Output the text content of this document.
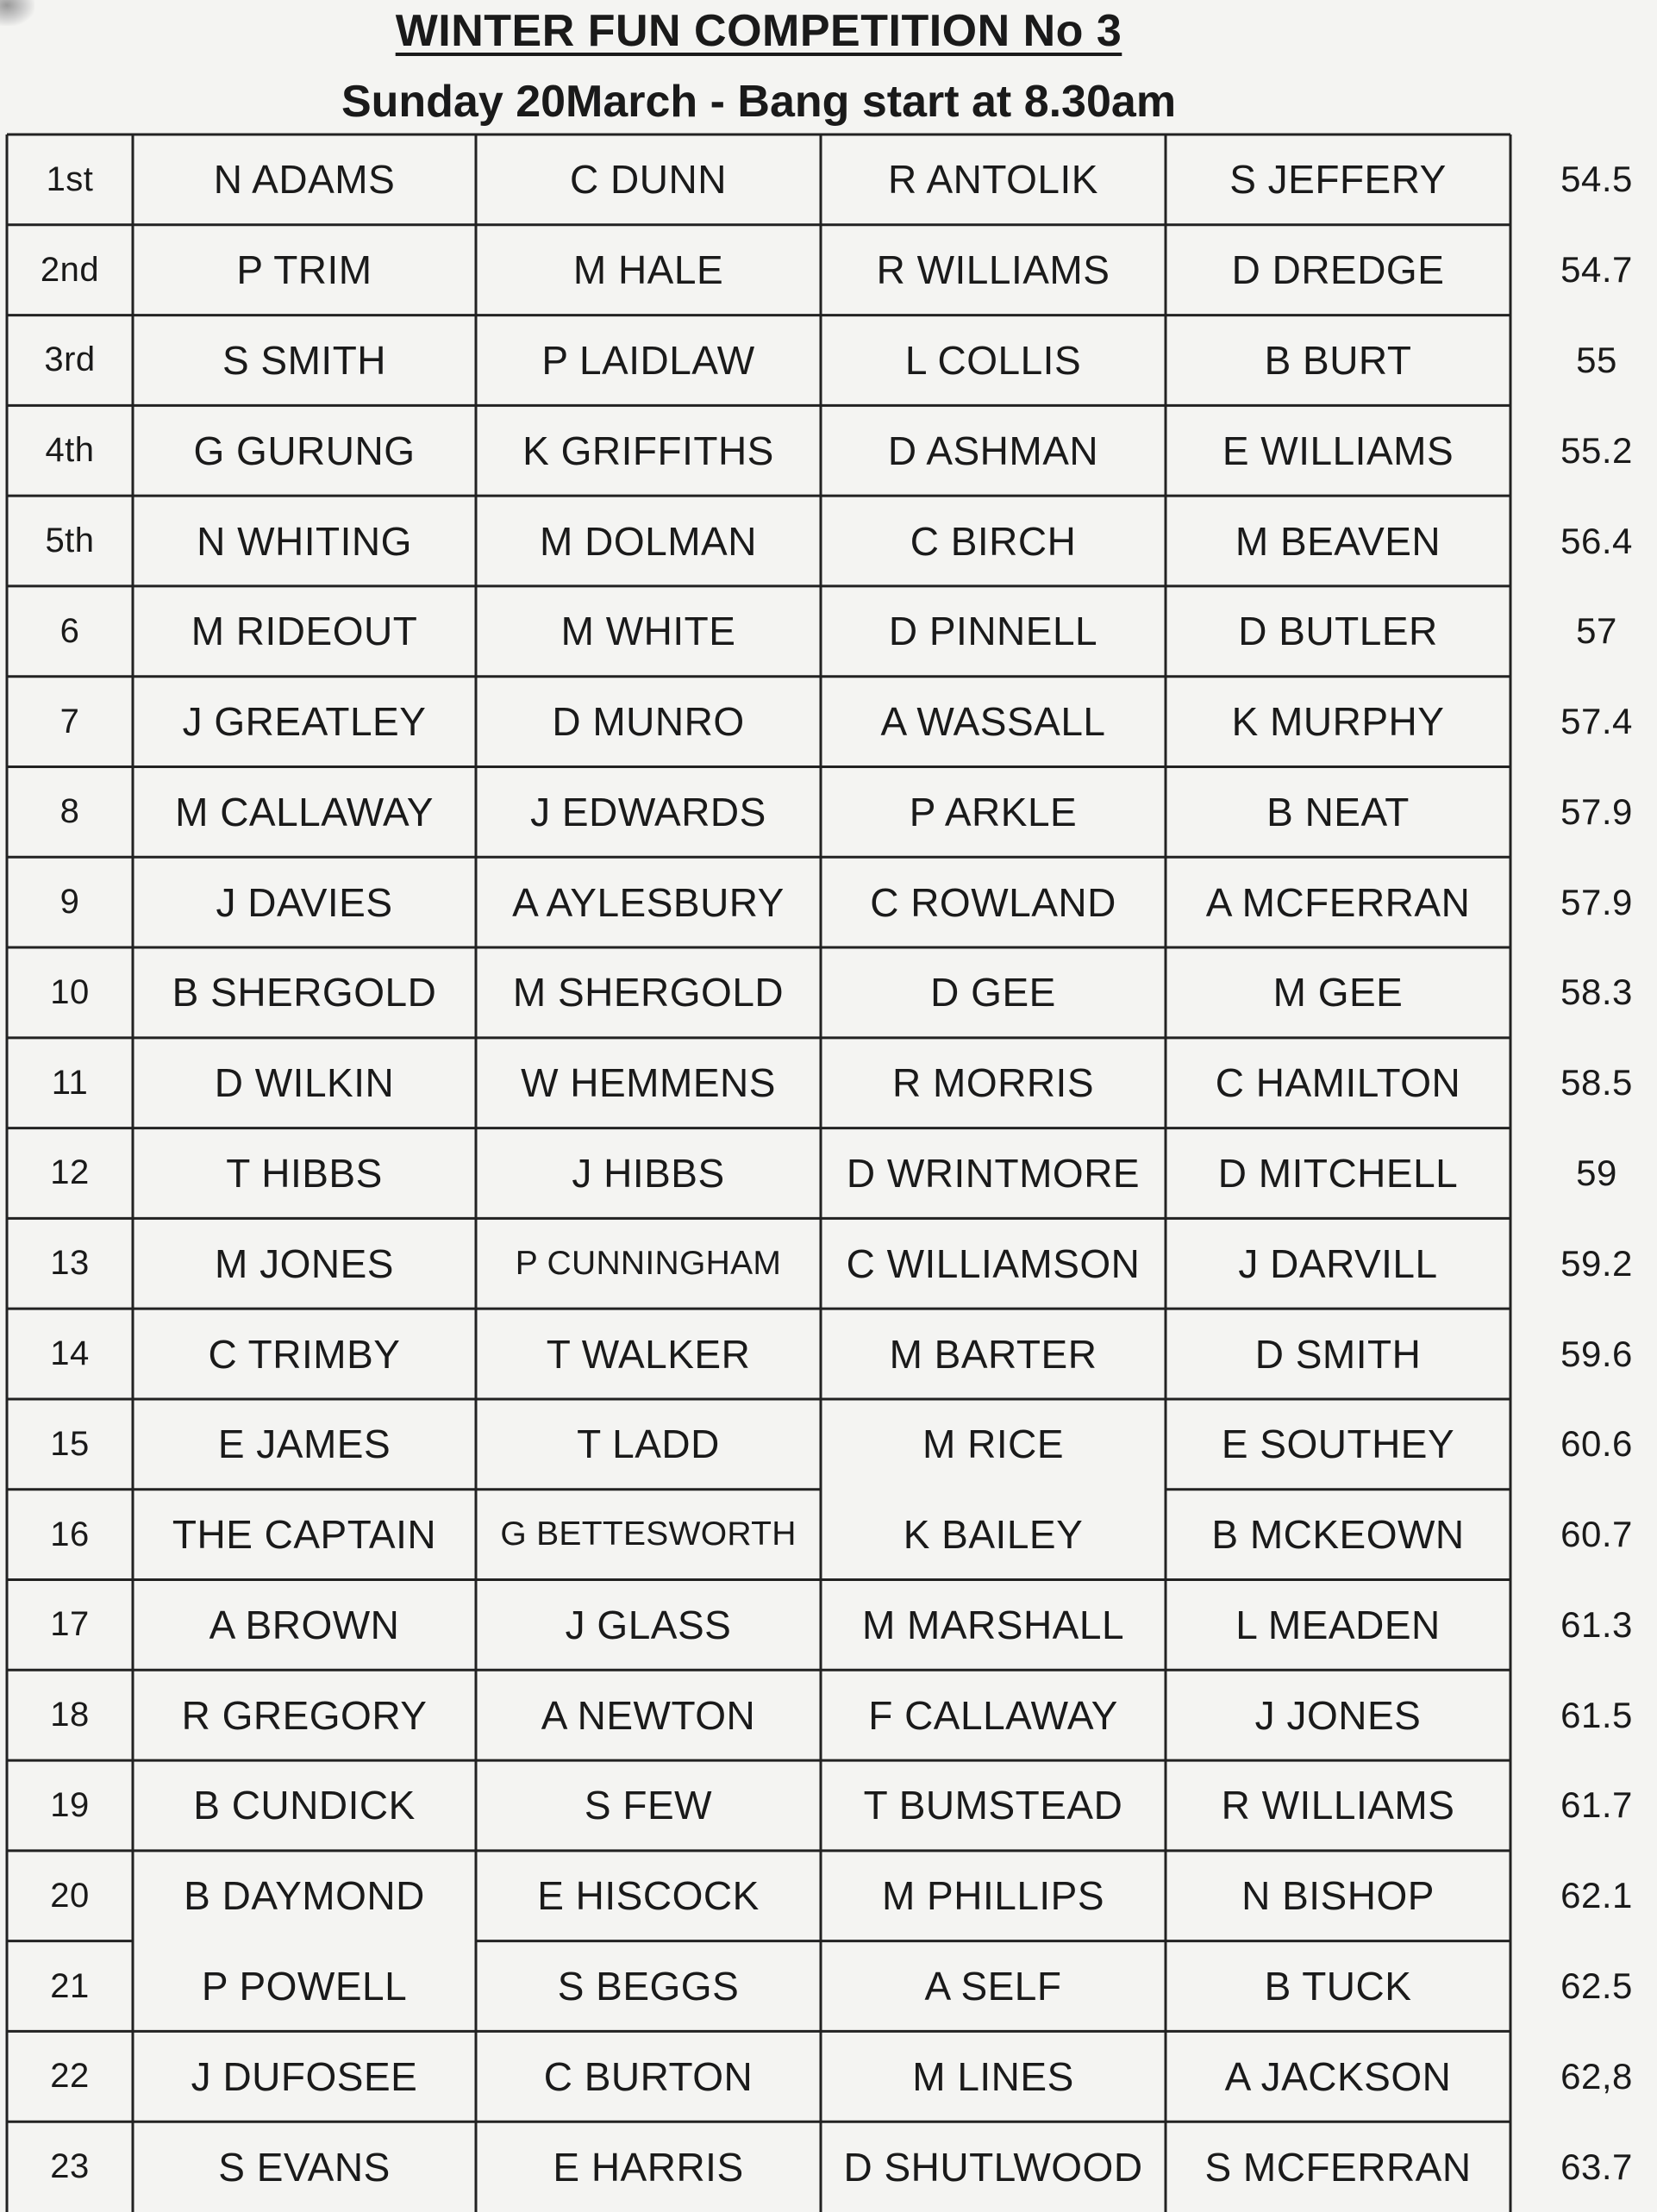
WINTER FUN COMPETITION No 3
Sunday 20March - Bang start at 8.30am
1st	N ADAMS	C DUNN	R ANTOLIK	S JEFFERY	54.5
2nd	P TRIM	M HALE	R WILLIAMS	D DREDGE	54.7
3rd	S SMITH	P LAIDLAW	L COLLIS	B BURT	55
4th	G GURUNG	K GRIFFITHS	D ASHMAN	E WILLIAMS	55.2
5th	N WHITING	M DOLMAN	C BIRCH	M BEAVEN	56.4
6	M RIDEOUT	M WHITE	D PINNELL	D BUTLER	57
7	J GREATLEY	D MUNRO	A WASSALL	K MURPHY	57.4
8	M CALLAWAY	J EDWARDS	P ARKLE	B NEAT	57.9
9	J DAVIES	A AYLESBURY	C ROWLAND	A MCFERRAN	57.9
10	B SHERGOLD	M SHERGOLD	D GEE	M GEE	58.3
11	D WILKIN	W HEMMENS	R MORRIS	C HAMILTON	58.5
12	T HIBBS	J HIBBS	D WRINTMORE	D MITCHELL	59
13	M JONES	P CUNNINGHAM	C WILLIAMSON	J DARVILL	59.2
14	C TRIMBY	T WALKER	M BARTER	D SMITH	59.6
15	E JAMES	T LADD	M RICE	E SOUTHEY	60.6
16	THE CAPTAIN	G BETTESWORTH	K BAILEY	B MCKEOWN	60.7
17	A BROWN	J GLASS	M MARSHALL	L MEADEN	61.3
18	R GREGORY	A NEWTON	F CALLAWAY	J JONES	61.5
19	B CUNDICK	S FEW	T BUMSTEAD	R WILLIAMS	61.7
20	B DAYMOND	E HISCOCK	M PHILLIPS	N BISHOP	62.1
21	P POWELL	S BEGGS	A SELF	B TUCK	62.5
22	J DUFOSEE	C BURTON	M LINES	A JACKSON	62,8
23	S EVANS	E HARRIS	D SHUTLWOOD	S MCFERRAN	63.7
